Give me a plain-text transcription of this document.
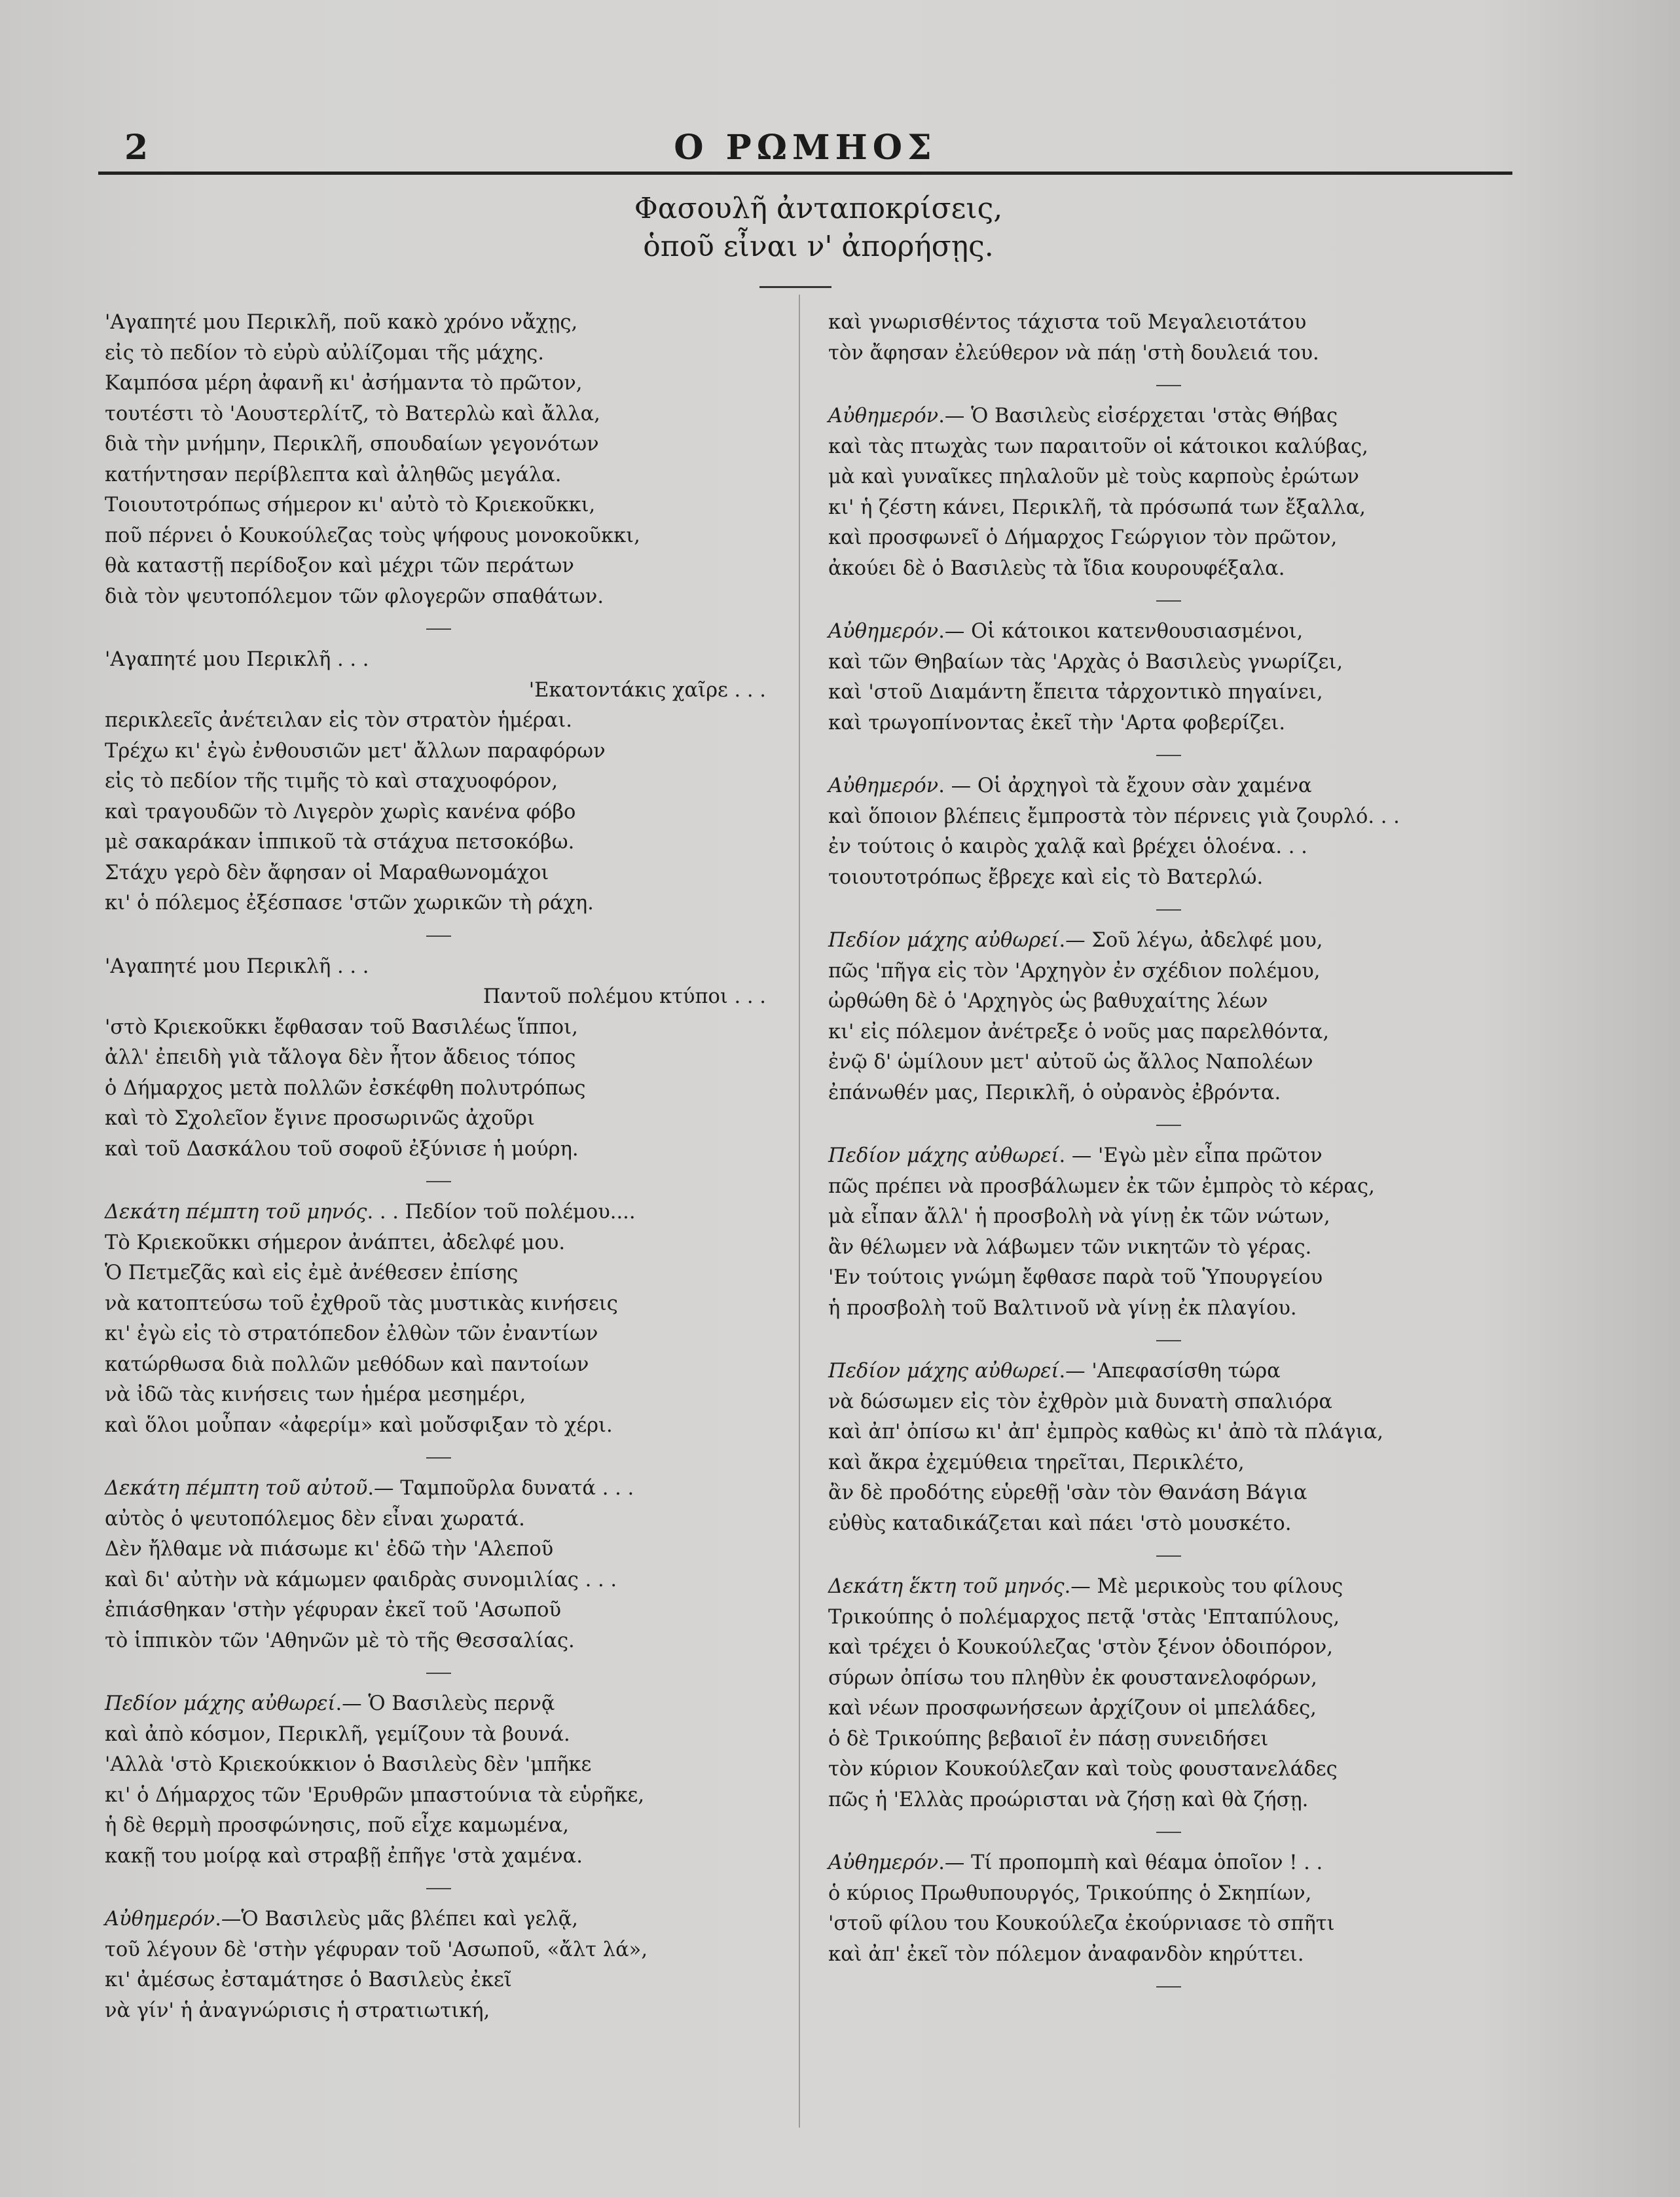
2	Ο ΡΩΜΗΟΣ
Φασουλῆ ἀνταποκρίσεις,
ὁποῦ εἶναι ν' ἀπορήσῃς.
'Αγαπητέ μου Περικλῆ, ποῦ κακὸ χρόνο νἄχῃς,
εἰς τὸ πεδίον τὸ εὐρὺ αὐλίζομαι τῆς μάχης.
Καμπόσα μέρη ἀφανῆ κι' ἀσήμαντα τὸ πρῶτον,
τουτέστι τὸ 'Αουστερλίτζ, τὸ Βατερλὼ καὶ ἄλλα,
διὰ τὴν μνήμην, Περικλῆ, σπουδαίων γεγονότων
κατήντησαν περίβλεπτα καὶ ἀληθῶς μεγάλα.
Τοιουτοτρόπως σήμερον κι' αὐτὸ τὸ Κριεκοῦκκι,
ποῦ πέρνει ὁ Κουκούλεζας τοὺς ψήφους μονοκοῦκκι,
θὰ καταστῇ περίδοξον καὶ μέχρι τῶν περάτων
διὰ τὸν ψευτοπόλεμον τῶν φλογερῶν σπαθάτων.
'Αγαπητέ μου Περικλῆ . . .
'Εκατοντάκις χαῖρε . . .
περικλεεῖς ἀνέτειλαν εἰς τὸν στρατὸν ἡμέραι.
Τρέχω κι' ἐγὼ ἐνθουσιῶν μετ' ἄλλων παραφόρων
εἰς τὸ πεδίον τῆς τιμῆς τὸ καὶ σταχυοφόρον,
καὶ τραγουδῶν τὸ Λιγερὸν χωρὶς κανένα φόβο
μὲ σακαράκαν ἱππικοῦ τὰ στάχυα πετσοκόβω.
Στάχυ γερὸ δὲν ἄφησαν οἱ Μαραθωνομάχοι
κι' ὁ πόλεμος ἐξέσπασε 'στῶν χωρικῶν τὴ ράχη.
'Αγαπητέ μου Περικλῆ . . .
Παντοῦ πολέμου κτύποι . . .
'στὸ Κριεκοῦκκι ἔφθασαν τοῦ Βασιλέως ἵπποι,
ἀλλ' ἐπειδὴ γιὰ τἄλογα δὲν ἦτον ἄδειος τόπος
ὁ Δήμαρχος μετὰ πολλῶν ἐσκέφθη πολυτρόπως
καὶ τὸ Σχολεῖον ἔγινε προσωρινῶς ἀχοῦρι
καὶ τοῦ Δασκάλου τοῦ σοφοῦ ἐξύνισε ἡ μούρη.
Δεκάτη πέμπτη τοῦ μηνός. . . Πεδίον τοῦ πολέμου....
Τὸ Κριεκοῦκκι σήμερον ἀνάπτει, ἀδελφέ μου.
Ὁ Πετμεζᾶς καὶ εἰς ἐμὲ ἀνέθεσεν ἐπίσης
νὰ κατοπτεύσω τοῦ ἐχθροῦ τὰς μυστικὰς κινήσεις
κι' ἐγὼ εἰς τὸ στρατόπεδον ἐλθὼν τῶν ἐναντίων
κατώρθωσα διὰ πολλῶν μεθόδων καὶ παντοίων
νὰ ἰδῶ τὰς κινήσεις των ἡμέρα μεσημέρι,
καὶ ὅλοι μοὖπαν «ἀφερίμ» καὶ μοὔσφιξαν τὸ χέρι.
Δεκάτη πέμπτη τοῦ αὐτοῦ.— Ταμποῦρλα δυνατά . . .
αὐτὸς ὁ ψευτοπόλεμος δὲν εἶναι χωρατά.
Δὲν ἤλθαμε νὰ πιάσωμε κι' ἐδῶ τὴν 'Αλεποῦ
καὶ δι' αὐτὴν νὰ κάμωμεν φαιδρὰς συνομιλίας . . .
ἐπιάσθηκαν 'στὴν γέφυραν ἐκεῖ τοῦ 'Ασωποῦ
τὸ ἱππικὸν τῶν 'Αθηνῶν μὲ τὸ τῆς Θεσσαλίας.
Πεδίον μάχης αὐθωρεί.— Ὁ Βασιλεὺς περνᾷ
καὶ ἀπὸ κόσμον, Περικλῆ, γεμίζουν τὰ βουνά.
'Αλλὰ 'στὸ Κριεκούκκιον ὁ Βασιλεὺς δὲν 'μπῆκε
κι' ὁ Δήμαρχος τῶν 'Ερυθρῶν μπαστούνια τὰ εὑρῆκε,
ἡ δὲ θερμὴ προσφώνησις, ποῦ εἶχε καμωμένα,
κακῇ του μοίρᾳ καὶ στραβῇ ἐπῆγε 'στὰ χαμένα.
Αὐθημερόν.—Ὁ Βασιλεὺς μᾶς βλέπει καὶ γελᾷ,
τοῦ λέγουν δὲ 'στὴν γέφυραν τοῦ 'Ασωποῦ, «ἄλτ λά»,
κι' ἀμέσως ἐσταμάτησε ὁ Βασιλεὺς ἐκεῖ
νὰ γίν' ἡ ἀναγνώρισις ἡ στρατιωτική,
καὶ γνωρισθέντος τάχιστα τοῦ Μεγαλειοτάτου
τὸν ἄφησαν ἐλεύθερον νὰ πάῃ 'στὴ δουλειά του.
Αὐθημερόν.— Ὁ Βασιλεὺς εἰσέρχεται 'στὰς Θήβας
καὶ τὰς πτωχὰς των παραιτοῦν οἱ κάτοικοι καλύβας,
μὰ καὶ γυναῖκες πηλαλοῦν μὲ τοὺς καρποὺς ἐρώτων
κι' ἡ ζέστη κάνει, Περικλῆ, τὰ πρόσωπά των ἔξαλλα,
καὶ προσφωνεῖ ὁ Δήμαρχος Γεώργιον τὸν πρῶτον,
ἀκούει δὲ ὁ Βασιλεὺς τὰ ἴδια κουρουφέξαλα.
Αὐθημερόν.— Οἱ κάτοικοι κατενθουσιασμένοι,
καὶ τῶν Θηβαίων τὰς 'Αρχὰς ὁ Βασιλεὺς γνωρίζει,
καὶ 'στοῦ Διαμάντη ἔπειτα τἀρχοντικὸ πηγαίνει,
καὶ τρωγοπίνοντας ἐκεῖ τὴν 'Αρτα φοβερίζει.
Αὐθημερόν. — Οἱ ἀρχηγοὶ τὰ ἔχουν σὰν χαμένα
καὶ ὅποιον βλέπεις ἔμπροστὰ τὸν πέρνεις γιὰ ζουρλό. . .
ἐν τούτοις ὁ καιρὸς χαλᾷ καὶ βρέχει ὁλοένα. . .
τοιουτοτρόπως ἔβρεχε καὶ εἰς τὸ Βατερλώ.
Πεδίον μάχης αὐθωρεί.— Σοῦ λέγω, ἀδελφέ μου,
πῶς 'πῆγα εἰς τὸν 'Αρχηγὸν ἐν σχέδιον πολέμου,
ὠρθώθη δὲ ὁ 'Αρχηγὸς ὡς βαθυχαίτης λέων
κι' εἰς πόλεμον ἀνέτρεξε ὁ νοῦς μας παρελθόντα,
ἐνῷ δ' ὡμίλουν μετ' αὐτοῦ ὡς ἄλλος Ναπολέων
ἐπάνωθέν μας, Περικλῆ, ὁ οὐρανὸς ἐβρόντα.
Πεδίον μάχης αὐθωρεί. — 'Εγὼ μὲν εἶπα πρῶτον
πῶς πρέπει νὰ προσβάλωμεν ἐκ τῶν ἐμπρὸς τὸ κέρας,
μὰ εἶπαν ἄλλ' ἡ προσβολὴ νὰ γίνῃ ἐκ τῶν νώτων,
ἂν θέλωμεν νὰ λάβωμεν τῶν νικητῶν τὸ γέρας.
'Εν τούτοις γνώμη ἔφθασε παρὰ τοῦ Ὑπουργείου
ἡ προσβολὴ τοῦ Βαλτινοῦ νὰ γίνῃ ἐκ πλαγίου.
Πεδίον μάχης αὐθωρεί.— 'Απεφασίσθη τώρα
νὰ δώσωμεν εἰς τὸν ἐχθρὸν μιὰ δυνατὴ σπαλιόρα
καὶ ἀπ' ὀπίσω κι' ἀπ' ἐμπρὸς καθὼς κι' ἀπὸ τὰ πλάγια,
καὶ ἄκρα ἐχεμύθεια τηρεῖται, Περικλέτο,
ἂν δὲ προδότης εὑρεθῇ 'σὰν τὸν Θανάση Βάγια
εὐθὺς καταδικάζεται καὶ πάει 'στὸ μουσκέτο.
Δεκάτη ἕκτη τοῦ μηνός.— Μὲ μερικοὺς του φίλους
Τρικούπης ὁ πολέμαρχος πετᾷ 'στὰς 'Επταπύλους,
καὶ τρέχει ὁ Κουκούλεζας 'στὸν ξένον ὁδοιπόρον,
σύρων ὀπίσω του πληθὺν ἐκ φουστανελοφόρων,
καὶ νέων προσφωνήσεων ἀρχίζουν οἱ μπελάδες,
ὁ δὲ Τρικούπης βεβαιοῖ ἐν πάσῃ συνειδήσει
τὸν κύριον Κουκούλεζαν καὶ τοὺς φουστανελάδες
πῶς ἡ 'Ελλὰς προώρισται νὰ ζήσῃ καὶ θὰ ζήσῃ.
Αὐθημερόν.— Τί προπομπὴ καὶ θέαμα ὁποῖον ! . .
ὁ κύριος Πρωθυπουργός, Τρικούπης ὁ Σκηπίων,
'στοῦ φίλου του Κουκούλεζα ἐκούρνιασε τὸ σπῆτι
καὶ ἀπ' ἐκεῖ τὸν πόλεμον ἀναφανδὸν κηρύττει.
